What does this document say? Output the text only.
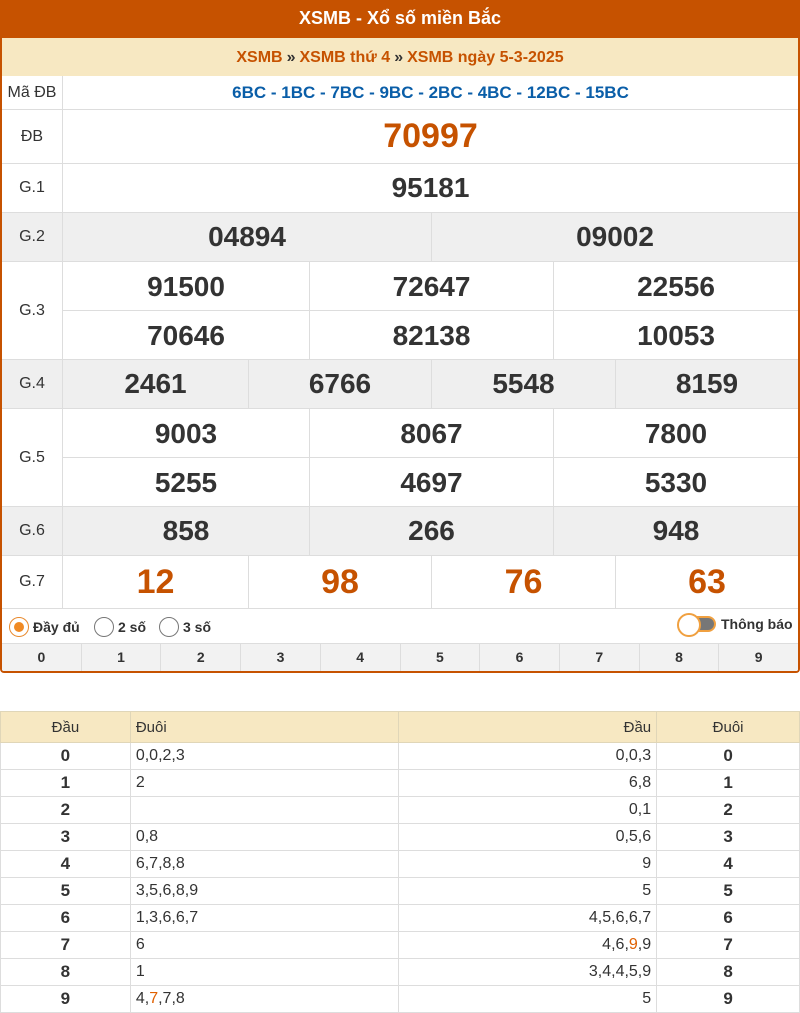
XSMB - Xổ số miền Bắc
XSMB » XSMB thứ 4 » XSMB ngày 5-3-2025
Mã ĐB	6BC - 1BC - 7BC - 9BC - 2BC - 4BC - 12BC - 15BC
ĐB	70997
G.1	95181
G.2	04894	09002
G.3
91500	72647	22556
70646	82138	10053
G.4	2461	6766	5548	8159
G.5
9003	8067	7800
5255	4697	5330
G.6	858	266	948
G.7	12	98	76	63
Đầy đủ	2 số	3 số	Thông báo
0	1	2	3	4	5	6	7	8	9
Đầu	Đuôi	Đầu	Đuôi
0	0,0,2,3	0,0,3	0
1	2	6,8	1
2		0,1	2
3	0,8	0,5,6	3
4	6,7,8,8	9	4
5	3,5,6,8,9	5	5
6	1,3,6,6,7	4,5,6,6,7	6
7	6	4,6,9,9	7
8	1	3,4,4,5,9	8
9	4,7,7,8	5	9
